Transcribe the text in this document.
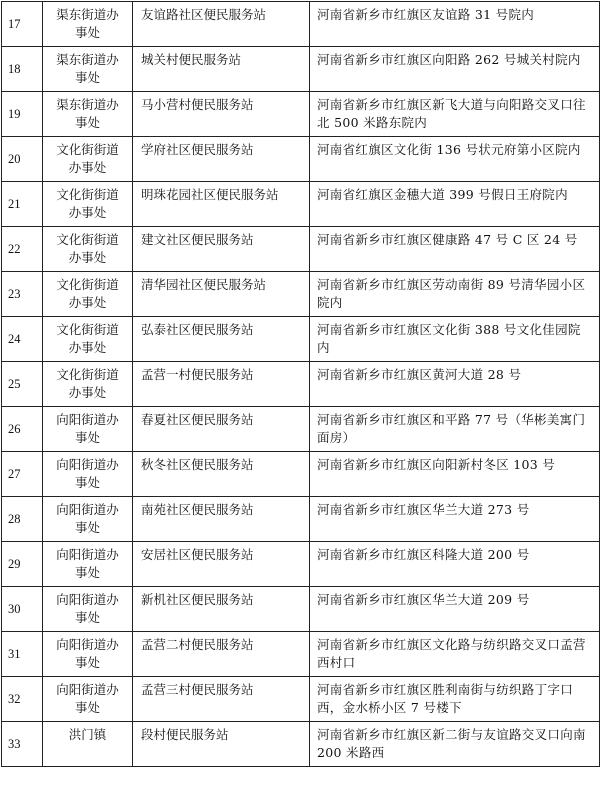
17	渠东街道办事处	友谊路社区便民服务站	河南省新乡市红旗区友谊路 31 号院内
18	渠东街道办事处	城关村便民服务站	河南省新乡市红旗区向阳路 262 号城关村院内
19	渠东街道办事处	马小营村便民服务站	河南省新乡市红旗区新飞大道与向阳路交叉口往北 500 米路东院内
20	文化街街道办事处	学府社区便民服务站	河南省红旗区文化街 136 号状元府第小区院内
21	文化街街道办事处	明珠花园社区便民服务站	河南省红旗区金穗大道 399 号假日王府院内
22	文化街街道办事处	建文社区便民服务站	河南省新乡市红旗区健康路 47 号 C 区 24 号
23	文化街街道办事处	清华园社区便民服务站	河南省新乡市红旗区劳动南街 89 号清华园小区院内
24	文化街街道办事处	弘泰社区便民服务站	河南省新乡市红旗区文化街 388 号文化佳园院内
25	文化街街道办事处	孟营一村便民服务站	河南省新乡市红旗区黄河大道 28 号
26	向阳街道办事处	春夏社区便民服务站	河南省新乡市红旗区和平路 77 号（华彬美寓门面房）
27	向阳街道办事处	秋冬社区便民服务站	河南省新乡市红旗区向阳新村冬区 103 号
28	向阳街道办事处	南苑社区便民服务站	河南省新乡市红旗区华兰大道 273 号
29	向阳街道办事处	安居社区便民服务站	河南省新乡市红旗区科隆大道 200 号
30	向阳街道办事处	新机社区便民服务站	河南省新乡市红旗区华兰大道 209 号
31	向阳街道办事处	孟营二村便民服务站	河南省新乡市红旗区文化路与纺织路交叉口孟营西村口
32	向阳街道办事处	孟营三村便民服务站	河南省新乡市红旗区胜利南街与纺织路丁字口西，金水桥小区 7 号楼下
33	洪门镇	段村便民服务站	河南省新乡市红旗区新二街与友谊路交叉口向南 200 米路西
